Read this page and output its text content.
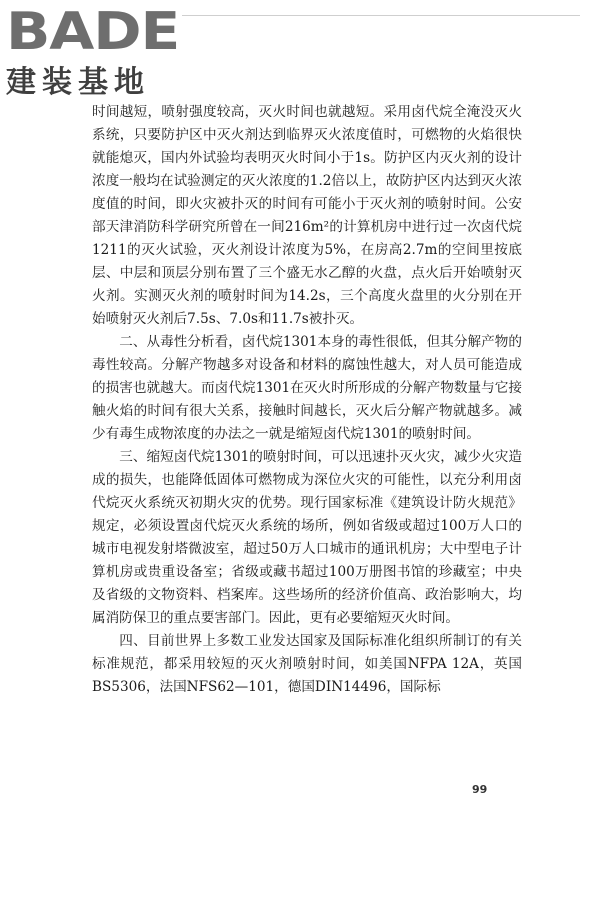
BADE
建装基地

时间越短，喷射强度较高，灭火时间也就越短。采用卤代烷全淹没灭火系统，只要防护区中灭火剂达到临界灭火浓度值时，可燃物的火焰很快就能熄灭，国内外试验均表明灭火时间小于1s。防护区内灭火剂的设计浓度一般均在试验测定的灭火浓度的1.2倍以上，故防护区内达到灭火浓度值的时间，即火灾被扑灭的时间有可能小于灭火剂的喷射时间。公安部天津消防科学研究所曾在一间216m²的计算机房中进行过一次卤代烷1211的灭火试验，灭火剂设计浓度为5%，在房高2.7m的空间里按底层、中层和顶层分别布置了三个盛无水乙醇的火盘，点火后开始喷射灭火剂。实测灭火剂的喷射时间为14.2s，三个高度火盘里的火分别在开始喷射灭火剂后7.5s、7.0s和11.7s被扑灭。

二、从毒性分析看，卤代烷1301本身的毒性很低，但其分解产物的毒性较高。分解产物越多对设备和材料的腐蚀性越大，对人员可能造成的损害也就越大。而卤代烷1301在灭火时所形成的分解产物数量与它接触火焰的时间有很大关系，接触时间越长，灭火后分解产物就越多。减少有毒生成物浓度的办法之一就是缩短卤代烷1301的喷射时间。

三、缩短卤代烷1301的喷射时间，可以迅速扑灭火灾，减少火灾造成的损失，也能降低固体可燃物成为深位火灾的可能性，以充分利用卤代烷灭火系统灭初期火灾的优势。现行国家标准《建筑设计防火规范》规定，必须设置卤代烷灭火系统的场所，例如省级或超过100万人口的城市电视发射塔微波室，超过50万人口城市的通讯机房；大中型电子计算机房或贵重设备室；省级或藏书超过100万册图书馆的珍藏室；中央及省级的文物资料、档案库。这些场所的经济价值高、政治影响大，均属消防保卫的重点要害部门。因此，更有必要缩短灭火时间。

四、目前世界上多数工业发达国家及国际标准化组织所制订的有关标准规范，都采用较短的灭火剂喷射时间，如美国NFPA 12A，英国BS5306，法国NFS62—101，德国DIN14496，国际标

99
